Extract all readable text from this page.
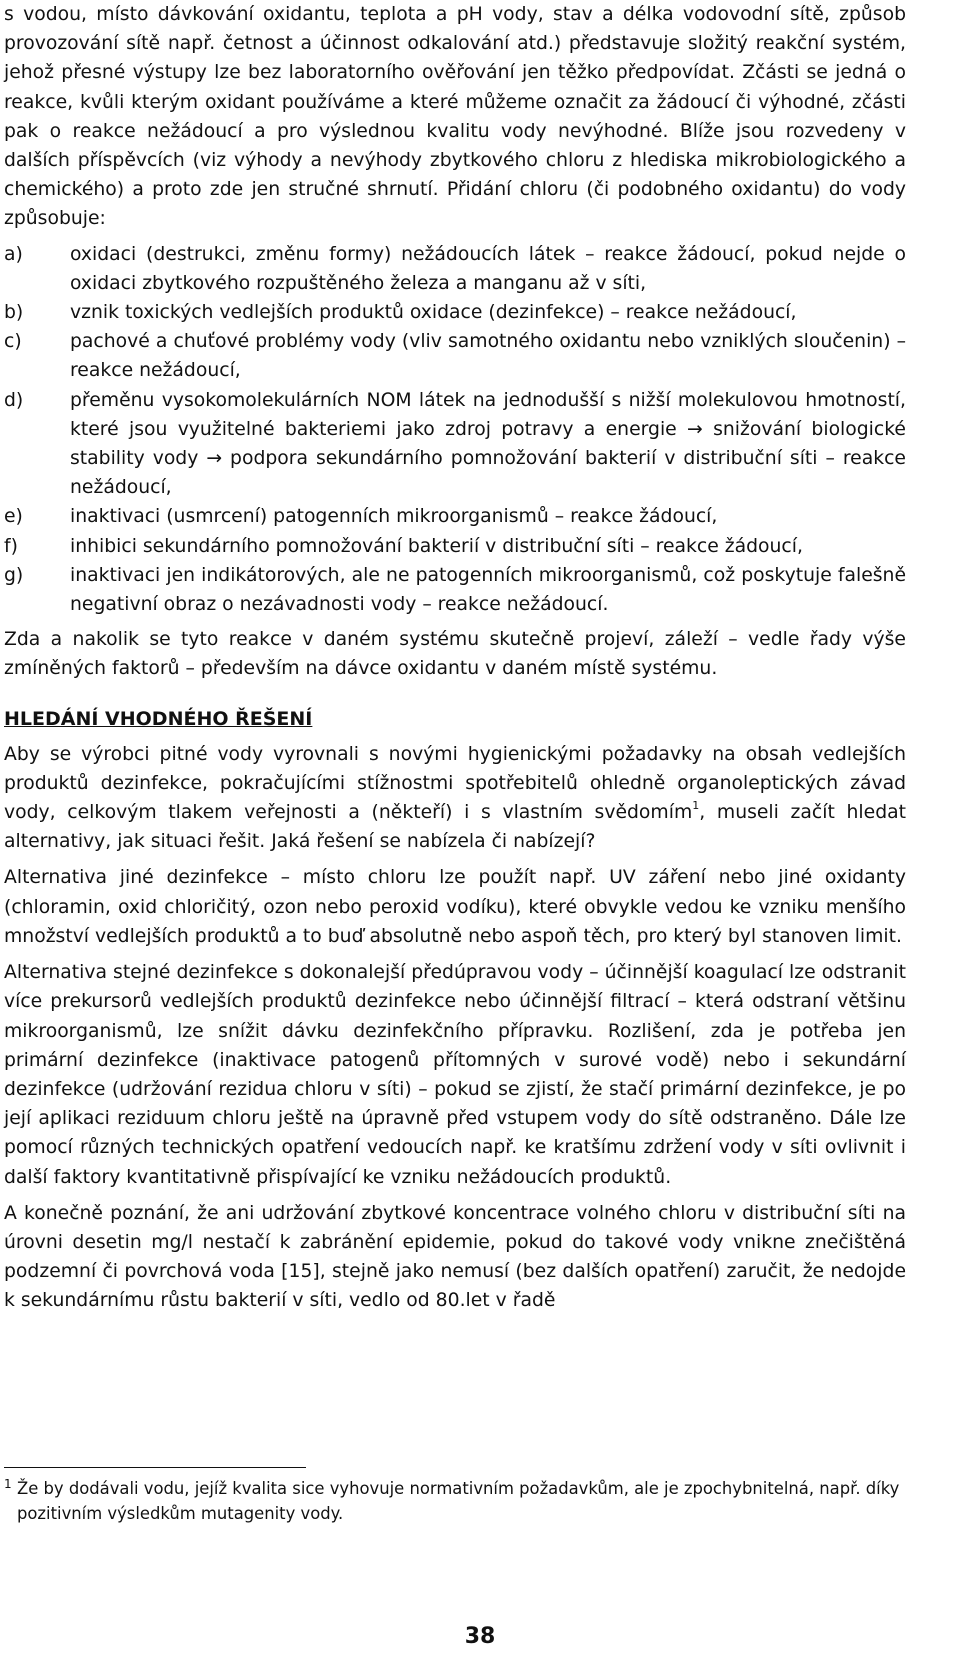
s vodou, místo dávkování oxidantu, teplota a pH vody, stav a délka vodovodní sítě, způsob provozování sítě např. četnost a účinnost odkalování atd.) představuje složitý reakční systém, jehož přesné výstupy lze bez laboratorního ověřování jen těžko předpovídat. Zčásti se jedná o reakce, kvůli kterým oxidant používáme a které můžeme označit za žádoucí či výhodné, zčásti pak o reakce nežádoucí a pro výslednou kvalitu vody nevýhodné. Blíže jsou rozvedeny v dalších příspěvcích (viz výhody a nevýhody zbytkového chloru z hlediska mikrobiologického a chemického) a proto zde jen stručné shrnutí. Přidání chloru (či podobného oxidantu) do vody způsobuje:

a)	oxidaci (destrukci, změnu formy) nežádoucích látek – reakce žádoucí, pokud nejde o oxidaci zbytkového rozpuštěného železa a manganu až v síti,
b) vznik toxických vedlejších produktů oxidace (dezinfekce) – reakce nežádoucí,
c)	pachové a chuťové problémy vody (vliv samotného oxidantu nebo vzniklých sloučenin) – reakce nežádoucí,
d) přeměnu vysokomolekulárních NOM látek na jednodušší s nižší molekulovou hmotností, které jsou využitelné bakteriemi jako zdroj potravy a energie → snižování biologické stability vody → podpora sekundárního pomnožování bakterií v distribuční síti – reakce nežádoucí,
e)	inaktivaci (usmrcení) patogenních mikroorganismů – reakce žádoucí,
f)	inhibici sekundárního pomnožování bakterií v distribuční síti – reakce žádoucí,
g) inaktivaci jen indikátorových, ale ne patogenních mikroorganismů, což poskytuje falešně negativní obraz o nezávadnosti vody – reakce nežádoucí.

Zda a nakolik se tyto reakce v daném systému skutečně projeví, záleží – vedle řady výše zmíněných faktorů – především na dávce oxidantu v daném místě systému.

HLEDÁNÍ VHODNÉHO ŘEŠENÍ

Aby se výrobci pitné vody vyrovnali s novými hygienickými požadavky na obsah vedlejších produktů dezinfekce, pokračujícími stížnostmi spotřebitelů ohledně organoleptických závad vody, celkovým tlakem veřejnosti a (někteří) i s vlastním svědomím$^1$, museli začít hledat alternativy, jak situaci řešit. Jaká řešení se nabízela či nabízejí?

Alternativa jiné dezinfekce – místo chloru lze použít např. UV záření nebo jiné oxidanty (chloramin, oxid chloričitý, ozon nebo peroxid vodíku), které obvykle vedou ke vzniku menšího množství vedlejších produktů a to buď absolutně nebo aspoň těch, pro který byl stanoven limit.

Alternativa stejné dezinfekce s dokonalejší předúpravou vody – účinnější koagulací lze odstranit více prekursorů vedlejších produktů dezinfekce nebo účinnější filtrací – která odstraní většinu mikroorganismů, lze snížit dávku dezinfekčního přípravku. Rozlišení, zda je potřeba jen primární dezinfekce (inaktivace patogenů přítomných v surové vodě) nebo i sekundární dezinfekce (udržování rezidua chloru v síti) – pokud se zjistí, že stačí primární dezinfekce, je po její aplikaci reziduum chloru ještě na úpravně před vstupem vody do sítě odstraněno. Dále lze pomocí různých technických opatření vedoucích např. ke kratšímu zdržení vody v síti ovlivnit i další faktory kvantitativně přispívající ke vzniku nežádoucích produktů.

A konečně poznání, že ani udržování zbytkové koncentrace volného chloru v distribuční síti na úrovni desetin mg/l nestačí k zabránění epidemie, pokud do takové vody vnikne znečištěná podzemní či povrchová voda [15], stejně jako nemusí (bez dalších opatření) zaručit, že nedojde k sekundárnímu růstu bakterií v síti, vedlo od 80.let v řadě

1 Že by dodávali vodu, jejíž kvalita sice vyhovuje normativním požadavkům, ale je zpochybnitelná, např. díky pozitivním výsledkům mutagenity vody.
38
